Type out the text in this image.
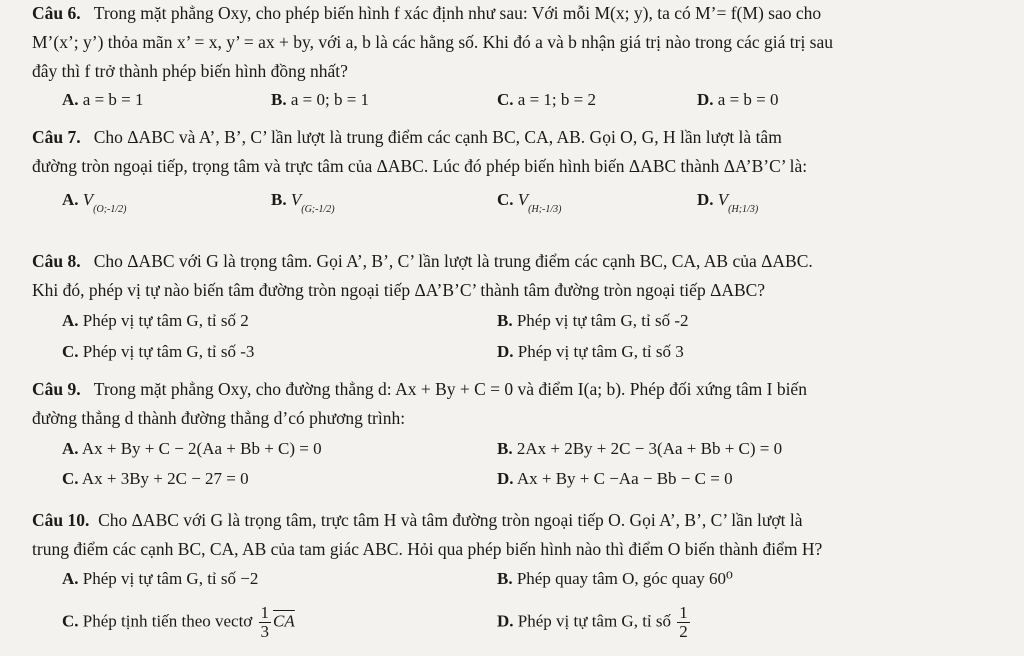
Câu 6. Trong mặt phẳng Oxy, cho phép biến hình f xác định như sau: Với mỗi M(x; y), ta có M’= f(M) sao cho
M’(x’; y’) thỏa mãn x’ = x, y’ = ax + by, với a, b là các hằng số. Khi đó a và b nhận giá trị nào trong các giá trị sau
đây thì f trở thành phép biến hình đồng nhất?
A. a = b = 1	B. a = 0; b = 1	C. a = 1; b = 2	D. a = b = 0
Câu 7. Cho ΔABC và A’, B’, C’ lần lượt là trung điểm các cạnh BC, CA, AB. Gọi O, G, H lần lượt là tâm
đường tròn ngoại tiếp, trọng tâm và trực tâm của ΔABC. Lúc đó phép biến hình biến ΔABC thành ΔA’B’C’ là:
A. $V_{(O;-1/2)}$
B. $V_{(G;-1/2)}$
C. $V_{(H;-1/3)}$
D. $V_{(H;1/3)}$
Câu 8. Cho ΔABC với G là trọng tâm. Gọi A’, B’, C’ lần lượt là trung điểm các cạnh BC, CA, AB của ΔABC.
Khi đó, phép vị tự nào biến tâm đường tròn ngoại tiếp ΔA’B’C’ thành tâm đường tròn ngoại tiếp ΔABC?
A. Phép vị tự tâm G, tỉ số 2	B. Phép vị tự tâm G, tỉ số -2
C. Phép vị tự tâm G, tỉ số -3	D. Phép vị tự tâm G, tỉ số 3
Câu 9. Trong mặt phẳng Oxy, cho đường thẳng d: Ax + By + C = 0 và điểm I(a; b). Phép đối xứng tâm I biến
đường thẳng d thành đường thẳng d’có phương trình:
A. Ax + By + C − 2(Aa + Bb + C) = 0	B. 2Ax + 2By + 2C − 3(Aa + Bb + C) = 0
C. Ax + 3By + 2C − 27 = 0	D. Ax + By + C −Aa − Bb − C = 0
Câu 10. Cho ΔABC với G là trọng tâm, trực tâm H và tâm đường tròn ngoại tiếp O. Gọi A’, B’, C’ lần lượt là
trung điểm các cạnh BC, CA, AB của tam giác ABC. Hỏi qua phép biến hình nào thì điểm O biến thành điểm H?
A. Phép vị tự tâm G, tỉ số −2	B. Phép quay tâm O, góc quay 60⁰
C. Phép tịnh tiến theo vectơ $\frac{1}{3} \overline{CA}$	D. Phép vị tự tâm G, tỉ số $\frac{1}{2}$
